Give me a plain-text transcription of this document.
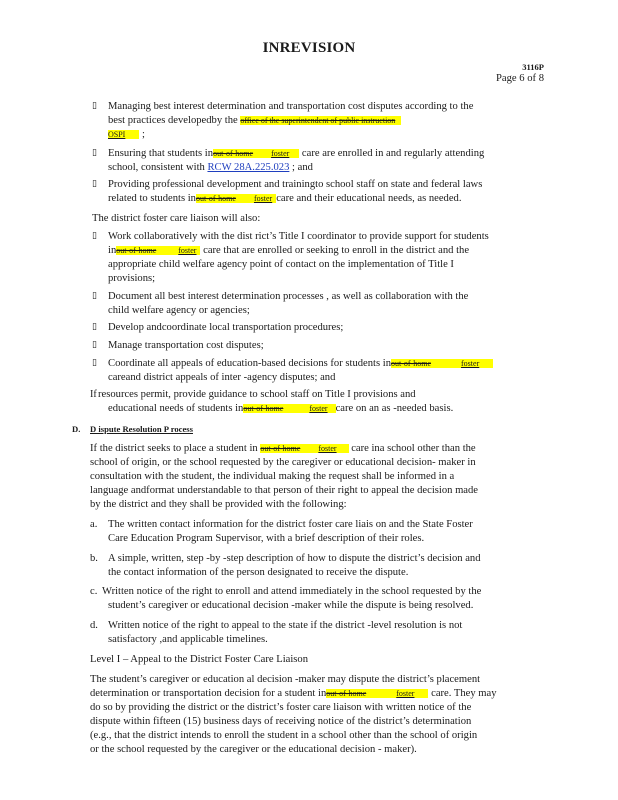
INREVISION
3116P
Page 6 of 8
▯ Managing best interest determination and transportation cost disputes according to the
best practices developedby the office of the superintendent of public instruction
OSPI ;
▯ Ensuring that students inout-of-home foster care are enrolled in and regularly attending
school, consistent with RCW 28A.225.023 ; and
▯ Providing professional development and trainingto school staff on state and federal laws
related to students inout-of-home foster care and their educational needs, as needed.
The district foster care liaison will also:
▯ Work collaboratively with the dist rict’s Title I coordinator to provide support for students
inout-of-home	foster care that are enrolled or seeking to enroll in the district and the
appropriate child welfare agency point of contact on the implementation of Title I
provisions;
▯ Document all best interest determination processes , as well as collaboration with the
child welfare agency or agencies;
▯ Develop andcoordinate local transportation procedures;
▯ Manage transportation cost disputes;
▯ Coordinate all appeals of education-based decisions for students inout-of-home	foster
careand district appeals of inter -agency disputes; and
If resources permit, provide guidance to school staff on Title I provisions and
educational needs of students inout-of-home	foster care on an as -needed basis.
D. D ispute Resolution P rocess
If the district seeks to place a student in out-of-home foster care ina school other than the
school of origin, or the school requested by the caregiver or educational decision- maker in
consultation with the student, the individual making the request shall be informed in a
language andformat understandable to that person of their right to appeal the decision made
by the district and they shall be provided with the following:
a. The written contact information for the district foster care liais on and the State Foster
Care Education Program Supervisor, with a brief description of their roles.
b. A simple, written, step -by -step description of how to dispute the district’s decision and
the contact information of the person designated to receive the dispute.
c. Written notice of the right to enroll and attend immediately in the school requested by the
student’s caregiver or educational decision -maker while the dispute is being resolved.
d. Written notice of the right to appeal to the state if the district -level resolution is not
satisfactory ,and applicable timelines.
Level I – Appeal to the District Foster Care Liaison
The student’s caregiver or education al decision -maker may dispute the district’s placement
determination or transportation decision for a student inout-of-home	foster care. They may
do so by providing the district or the district’s foster care liaison with written notice of the
dispute within fifteen (15) business days of receiving notice of the district’s determination
(e.g., that the district intends to enroll the student in a school other than the school of origin
or the school requested by the caregiver or the educational decision - maker).
